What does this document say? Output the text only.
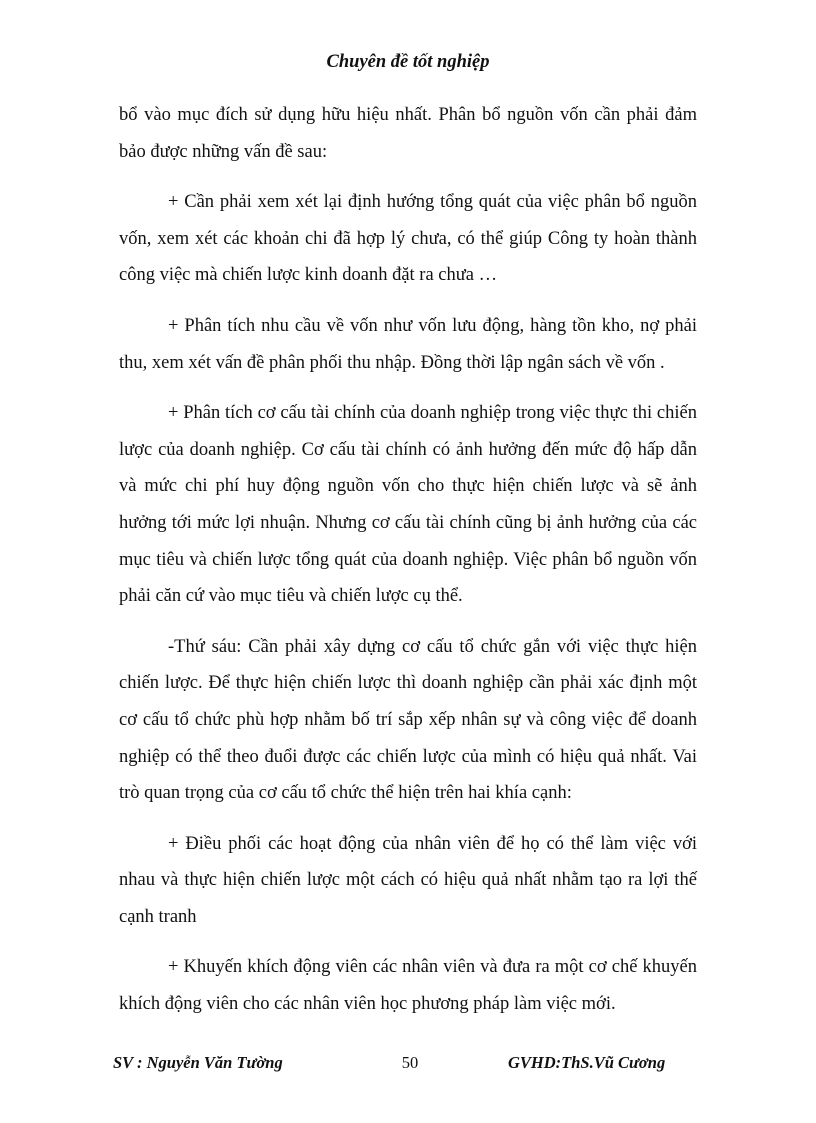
Chuyên đề tốt nghiệp

bổ vào mục đích sử dụng hữu hiệu nhất. Phân bổ nguồn vốn cần phải đảm bảo được những vấn đề sau:

+ Cần phải xem xét lại định hướng tổng quát của việc phân bổ nguồn vốn, xem xét các khoản chi đã hợp lý chưa, có thể giúp Công ty hoàn thành công việc mà chiến lược kinh doanh đặt ra chưa …

+ Phân tích nhu cầu về vốn như vốn lưu động, hàng tồn kho, nợ phải thu, xem xét vấn đề phân phối thu nhập. Đồng thời lập ngân sách về vốn .

+ Phân tích cơ cấu tài chính của doanh nghiệp trong việc thực thi chiến lược của doanh nghiệp. Cơ cấu tài chính có ảnh hưởng đến mức độ hấp dẫn và mức chi phí huy động nguồn vốn cho thực hiện chiến lược và sẽ ảnh hưởng tới mức lợi nhuận. Nhưng cơ cấu tài chính cũng bị ảnh hưởng của các mục tiêu và chiến lược tổng quát của doanh nghiệp. Việc phân bổ nguồn vốn phải căn cứ vào mục tiêu và chiến lược cụ thể.

-Thứ sáu: Cần phải xây dựng cơ cấu tổ chức gắn với việc thực hiện chiến lược. Để thực hiện chiến lược thì doanh nghiệp cần phải xác định một cơ cấu tổ chức phù hợp nhằm bố trí sắp xếp nhân sự và công việc để doanh nghiệp có thể theo đuổi được các chiến lược của mình có hiệu quả nhất. Vai trò quan trọng của cơ cấu tổ chức thể hiện trên hai khía cạnh:

+ Điều phối các hoạt động của nhân viên để họ có thể làm việc với nhau và thực hiện chiến lược một cách có hiệu quả nhất nhằm tạo ra lợi thế cạnh tranh

+ Khuyến khích động viên các nhân viên và đưa ra một cơ chế khuyến khích động viên cho các nhân viên học phương pháp làm việc mới.

SV : Nguyễn Văn Tường	50	GVHD:ThS.Vũ Cương
